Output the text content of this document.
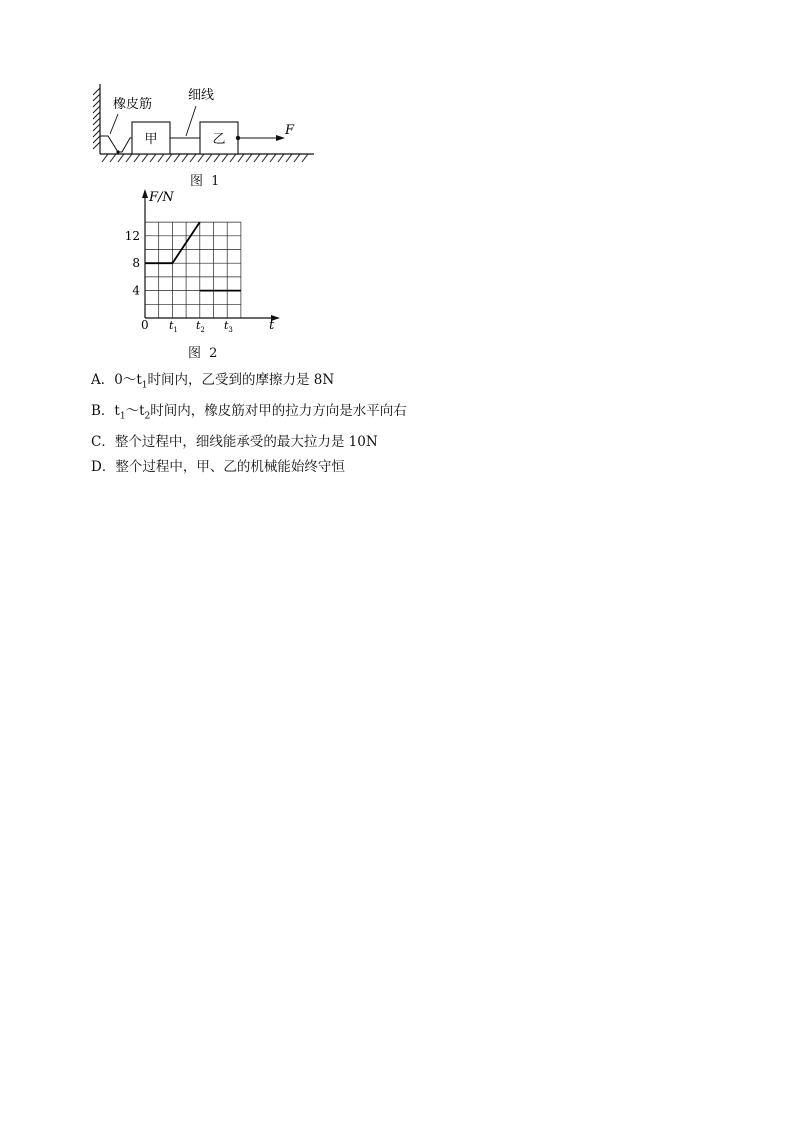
甲	乙
F
橡皮筋
细线
图 1
F/N
t
0
4
8
12
$t_1$ $t_2$ $t_3$
图 2
A．$0\sim t_1$时间内，乙受到的摩擦力是 8N
B．$t_1\sim t_2$时间内，橡皮筋对甲的拉力方向是水平向右
C．整个过程中，细线能承受的最大拉力是 10N
D．整个过程中，甲、乙的机械能始终守恒
